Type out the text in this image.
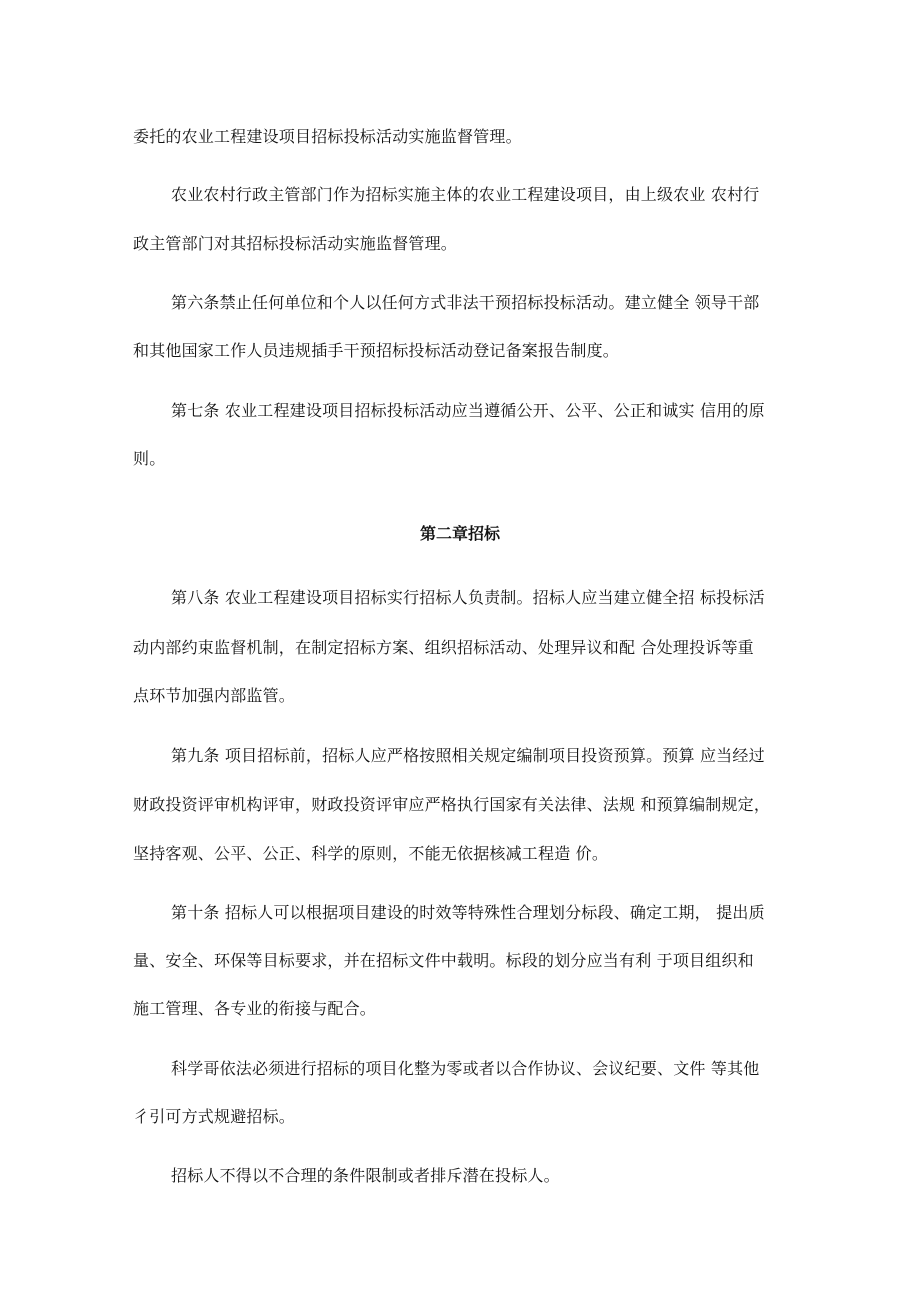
委托的农业工程建设项目招标投标活动实施监督管理。
农业农村行政主管部门作为招标实施主体的农业工程建设项目，由上级农业 农村行
政主管部门对其招标投标活动实施监督管理。
第六条禁止任何单位和个人以任何方式非法干预招标投标活动。建立健全 领导干部
和其他国家工作人员违规插手干预招标投标活动登记备案报告制度。
第七条 农业工程建设项目招标投标活动应当遵循公开、公平、公正和诚实 信用的原
则。
第二章招标
第八条 农业工程建设项目招标实行招标人负责制。招标人应当建立健全招 标投标活
动内部约束监督机制，在制定招标方案、组织招标活动、处理异议和配 合处理投诉等重
点环节加强内部监管。
第九条 项目招标前，招标人应严格按照相关规定编制项目投资预算。预算 应当经过
财政投资评审机构评审，财政投资评审应严格执行国家有关法律、法规 和预算编制规定，
坚持客观、公平、公正、科学的原则，不能无依据核减工程造 价。
第十条 招标人可以根据项目建设的时效等特殊性合理划分标段、确定工期， 提出质
量、安全、环保等目标要求，并在招标文件中载明。标段的划分应当有利 于项目组织和
施工管理、各专业的衔接与配合。
科学哥依法必须进行招标的项目化整为零或者以合作协议、会议纪要、文件 等其他
彳引可方式规避招标。
招标人不得以不合理的条件限制或者排斥潜在投标人。
